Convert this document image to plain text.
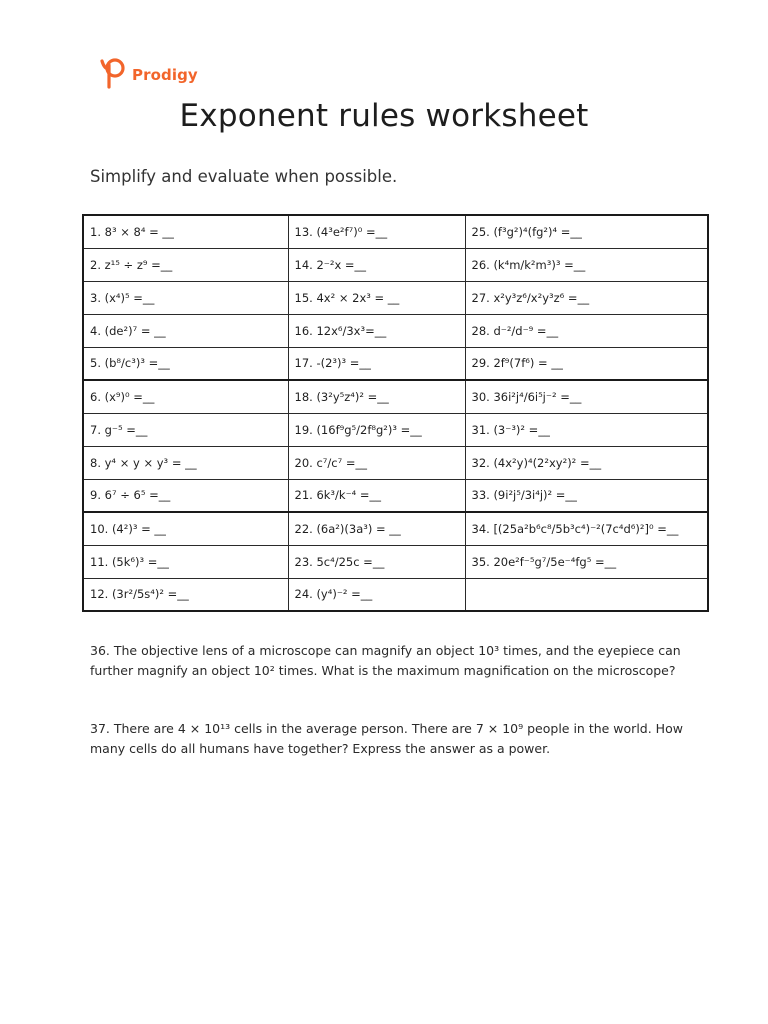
Prodigy
Exponent rules worksheet
Simplify and evaluate when possible.
1. 8³ × 8⁴ = __	13. (4³e²f⁷)⁰ =__	25. (f³g²)⁴(fg²)⁴ =__
2. z¹⁵ ÷ z⁹ =__	14. 2⁻²x =__	26. (k⁴m/k²m³)³ =__
3. (x⁴)⁵ =__	15. 4x² × 2x³ = __	27. x²y³z⁶/x²y³z⁶ =__
4. (de²)⁷ = __	16. 12x⁶/3x³=__	28. d⁻²/d⁻⁹ =__
5. (b⁸/c³)³ =__	17. -(2³)³ =__	29. 2f⁹(7f⁶) = __
6. (x⁹)⁰ =__	18. (3²y⁵z⁴)² =__	30. 36i²j⁴/6i⁵j⁻² =__
7. g⁻⁵ =__	19. (16f⁹g⁵/2f⁸g²)³ =__	31. (3⁻³)² =__
8. y⁴ × y × y³ = __	20. c⁷/c⁷ =__	32. (4x²y)⁴(2²xy²)² =__
9. 6⁷ ÷ 6⁵ =__	21. 6k³/k⁻⁴ =__	33. (9i²j⁵/3i⁴j)² =__
10. (4²)³ = __	22. (6a²)(3a³) = __	34. [(25a²b⁶c⁸/5b³c⁴)⁻²(7c⁴d⁶)²]⁰ =__
11. (5k⁶)³ =__	23. 5c⁴/25c =__	35. 20e²f⁻⁵g⁷/5e⁻⁴fg⁵ =__
12. (3r²/5s⁴)² =__	24. (y⁴)⁻² =__	

36. The objective lens of a microscope can magnify an object 10³ times, and the eyepiece can further magnify an object 10² times. What is the maximum magnification on the microscope?

37. There are 4 × 10¹³ cells in the average person. There are 7 × 10⁹ people in the world. How many cells do all humans have together? Express the answer as a power.
